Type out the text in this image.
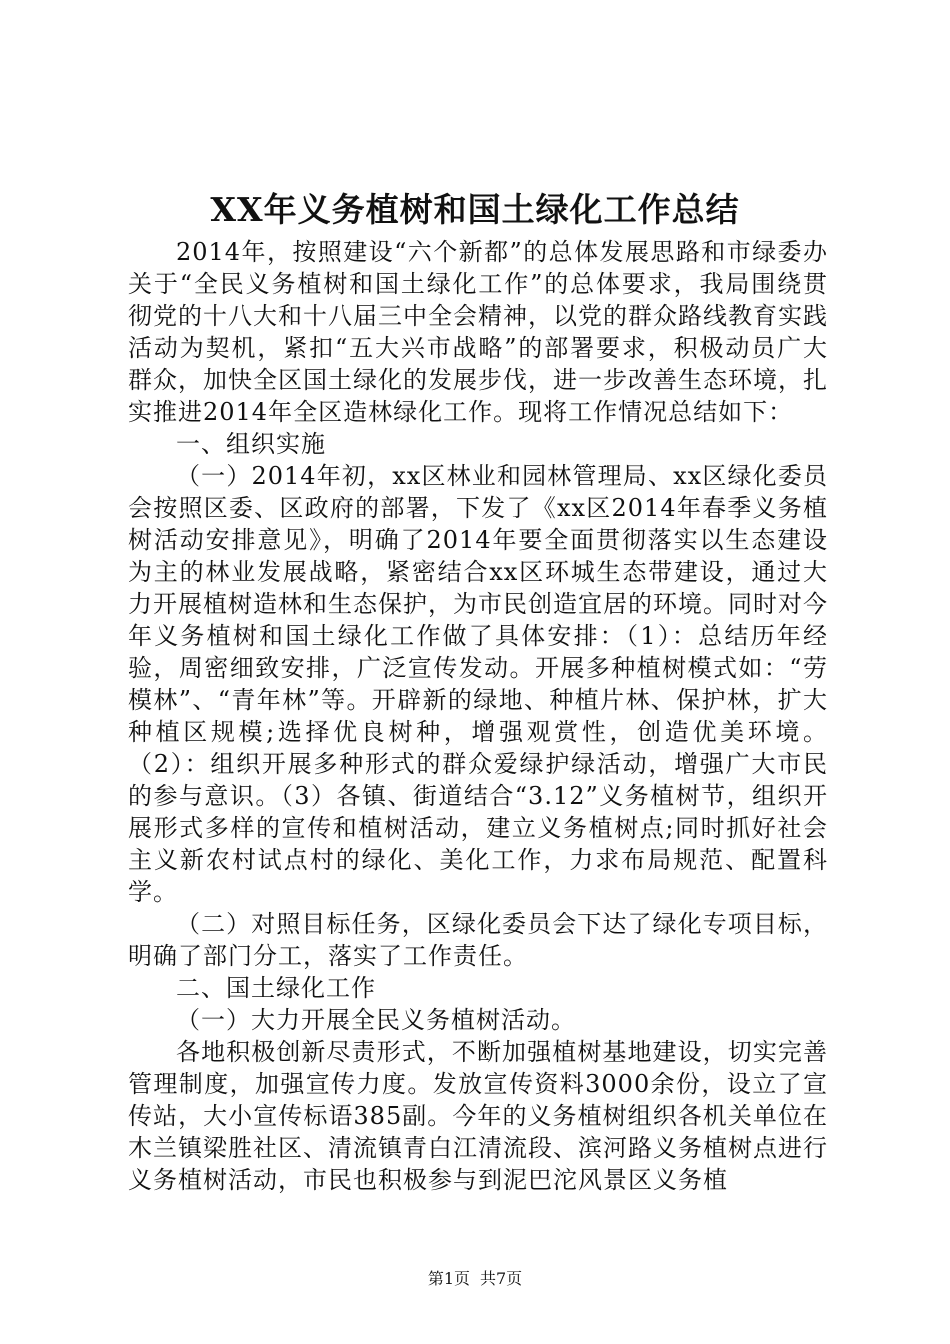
XX年义务植树和国土绿化工作总结

2014年，按照建设“六个新都”的总体发展思路和市绿委办关于“全民义务植树和国土绿化工作”的总体要求，我局围绕贯彻党的十八大和十八届三中全会精神，以党的群众路线教育实践活动为契机，紧扣“五大兴市战略”的部署要求，积极动员广大群众，加快全区国土绿化的发展步伐，进一步改善生态环境，扎实推进2014年全区造林绿化工作。现将工作情况总结如下：

一、组织实施

（一）2014年初，xx区林业和园林管理局、xx区绿化委员会按照区委、区政府的部署，下发了《xx区2014年春季义务植树活动安排意见》，明确了2014年要全面贯彻落实以生态建设为主的林业发展战略，紧密结合xx区环城生态带建设，通过大力开展植树造林和生态保护，为市民创造宜居的环境。同时对今年义务植树和国土绿化工作做了具体安排：（1）：总结历年经验，周密细致安排，广泛宣传发动。开展多种植树模式如：“劳模林”、“青年林”等。开辟新的绿地、种植片林、保护林，扩大种植区规模;选择优良树种，增强观赏性，创造优美环境。（2）：组织开展多种形式的群众爱绿护绿活动，增强广大市民的参与意识。（3）各镇、街道结合“3.12”义务植树节，组织开展形式多样的宣传和植树活动，建立义务植树点;同时抓好社会主义新农村试点村的绿化、美化工作，力求布局规范、配置科学。

（二）对照目标任务，区绿化委员会下达了绿化专项目标，明确了部门分工，落实了工作责任。

二、国土绿化工作

（一）大力开展全民义务植树活动。

各地积极创新尽责形式，不断加强植树基地建设，切实完善管理制度，加强宣传力度。发放宣传资料3000余份，设立了宣传站，大小宣传标语385副。今年的义务植树组织各机关单位在木兰镇梁胜社区、清流镇青白江清流段、滨河路义务植树点进行义务植树活动，市民也积极参与到泥巴沱风景区义务植

第1页 共7页
